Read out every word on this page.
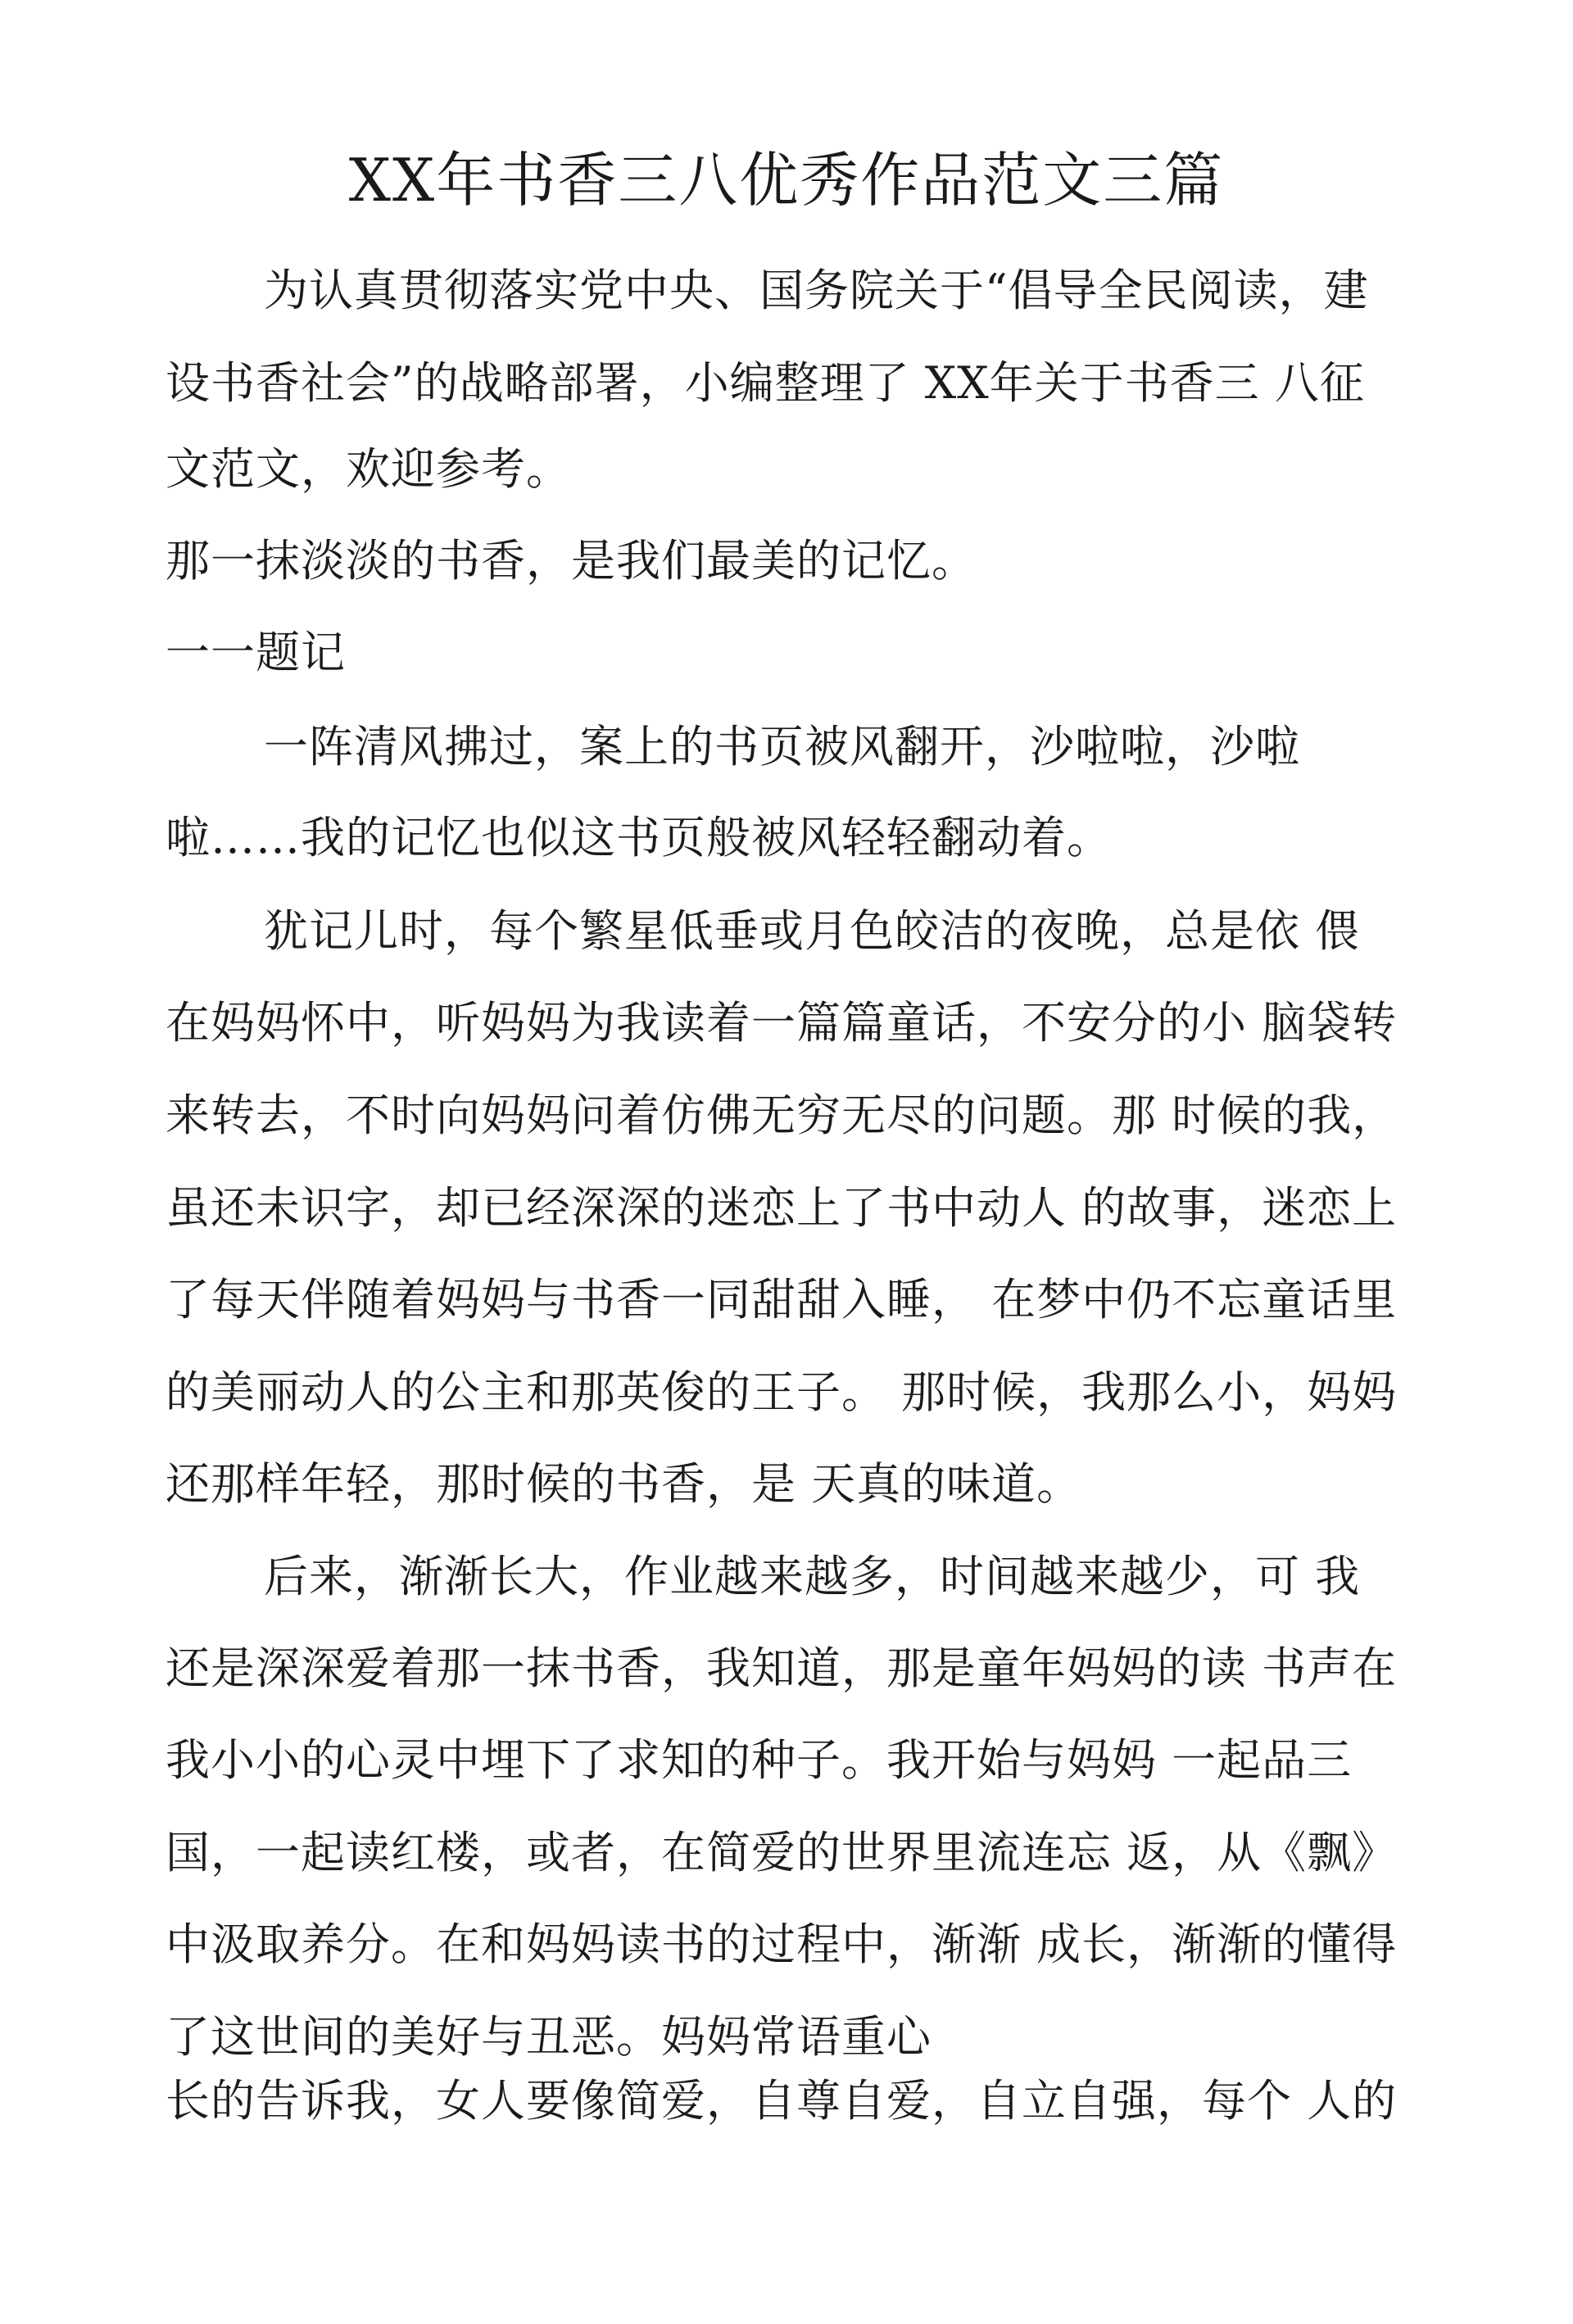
XX年书香三八优秀作品范文三篇
为认真贯彻落实党中央、国务院关于“倡导全民阅读，建
设书香社会”的战略部署，小编整理了 XX年关于书香三 八征
文范文，欢迎参考。
那一抹淡淡的书香，是我们最美的记忆。
一一题记
一阵清风拂过，案上的书页被风翻开，沙啦啦，沙啦
啦……我的记忆也似这书页般被风轻轻翻动着。
犹记儿时，每个繁星低垂或月色皎洁的夜晚，总是依 偎
在妈妈怀中，听妈妈为我读着一篇篇童话，不安分的小 脑袋转
来转去，不时向妈妈问着仿佛无穷无尽的问题。那 时候的我，
虽还未识字，却已经深深的迷恋上了书中动人 的故事，迷恋上
了每天伴随着妈妈与书香一同甜甜入睡， 在梦中仍不忘童话里
的美丽动人的公主和那英俊的王子。 那时候，我那么小，妈妈
还那样年轻，那时候的书香，是 天真的味道。
后来，渐渐长大，作业越来越多，时间越来越少，可 我
还是深深爱着那一抹书香，我知道，那是童年妈妈的读 书声在
我小小的心灵中埋下了求知的种子。我开始与妈妈 一起品三
国，一起读红楼，或者，在简爱的世界里流连忘 返，从《飘》
中汲取养分。在和妈妈读书的过程中，渐渐 成长，渐渐的懂得
了这世间的美好与丑恶。妈妈常语重心
长的告诉我，女人要像简爱，自尊自爱，自立自强，每个 人的
